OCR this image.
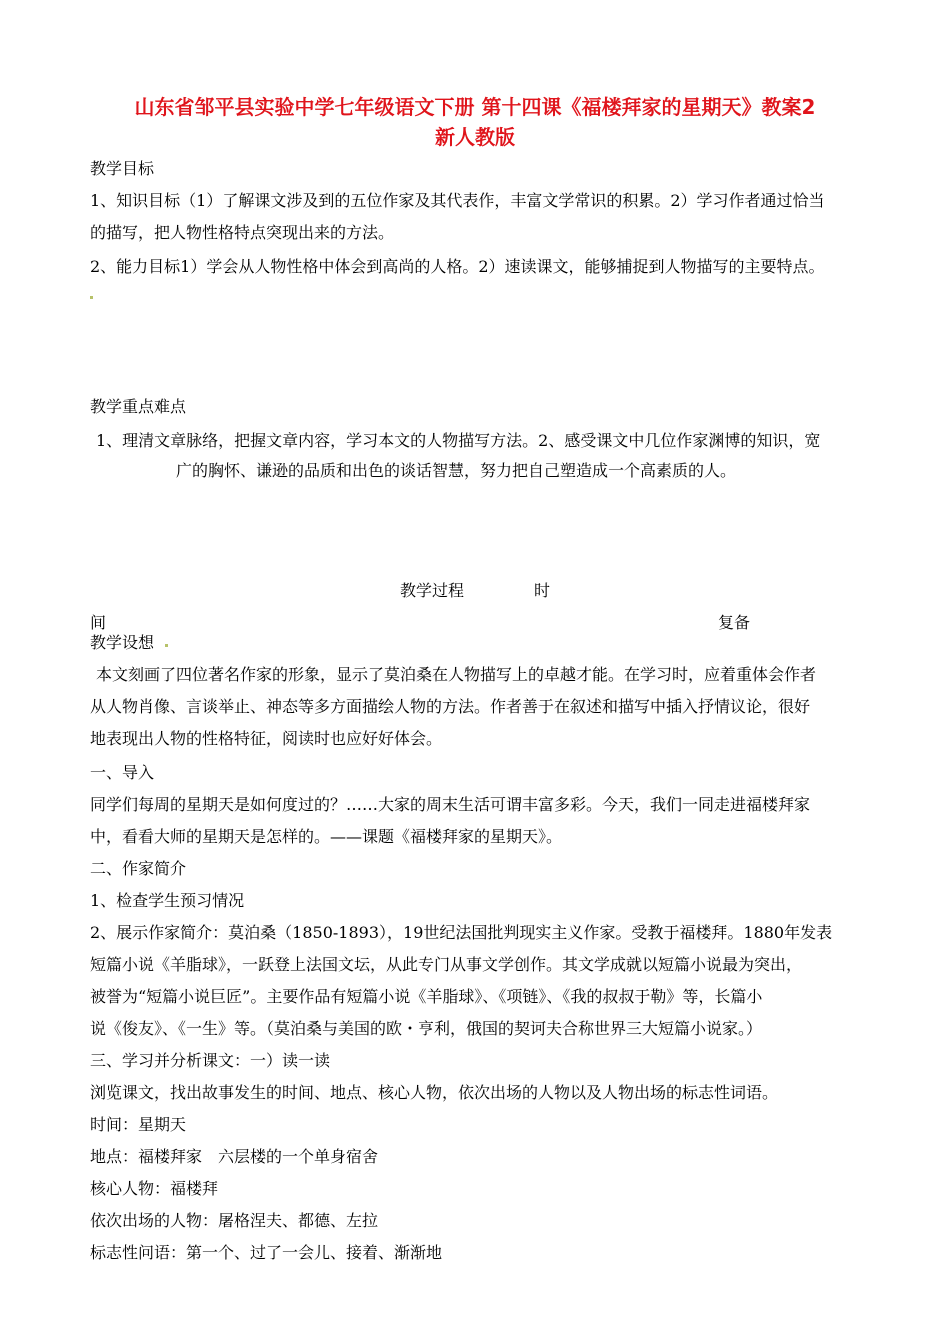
山东省邹平县实验中学七年级语文下册 第十四课《福楼拜家的星期天》教案2
新人教版

教学目标

1、知识目标（1）了解课文涉及到的五位作家及其代表作，丰富文学常识的积累。2）学习作者通过恰当

的描写，把人物性格特点突现出来的方法。

2、能力目标1）学会从人物性格中体会到高尚的人格。2）速读课文，能够捕捉到人物描写的主要特点。

教学重点难点

1、理清文章脉络，把握文章内容，学习本文的人物描写方法。2、感受课文中几位作家渊博的知识，宽

广的胸怀、谦逊的品质和出色的谈话智慧，努力把自己塑造成一个高素质的人。

教学过程	时

间	复备

教学设想

本文刻画了四位著名作家的形象，显示了莫泊桑在人物描写上的卓越才能。在学习时，应着重体会作者

从人物肖像、言谈举止、神态等多方面描绘人物的方法。作者善于在叙述和描写中插入抒情议论，很好

地表现出人物的性格特征，阅读时也应好好体会。

一、导入

同学们每周的星期天是如何度过的？……大家的周末生活可谓丰富多彩。今天，我们一同走进福楼拜家

中，看看大师的星期天是怎样的。——课题《福楼拜家的星期天》。

二、作家简介

1、检查学生预习情况

2、展示作家简介：莫泊桑（1850-1893），19世纪法国批判现实主义作家。受教于福楼拜。1880年发表

短篇小说《羊脂球》，一跃登上法国文坛，从此专门从事文学创作。其文学成就以短篇小说最为突出，

被誉为“短篇小说巨匠”。主要作品有短篇小说《羊脂球》、《项链》、《我的叔叔于勒》等，长篇小

说《俊友》、《一生》等。（莫泊桑与美国的欧・亨利，俄国的契诃夫合称世界三大短篇小说家。）

三、学习并分析课文：一）读一读

浏览课文，找出故事发生的时间、地点、核心人物，依次出场的人物以及人物出场的标志性词语。

时间：星期天

地点：福楼拜家　六层楼的一个单身宿舍

核心人物：福楼拜

依次出场的人物：屠格涅夫、都德、左拉

标志性问语：第一个、过了一会儿、接着、渐渐地
